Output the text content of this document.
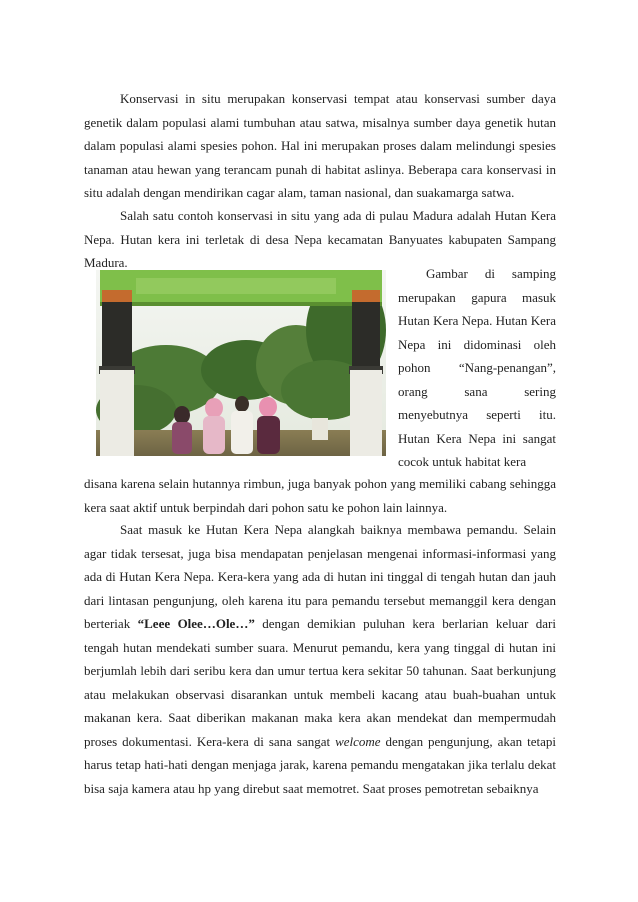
Konservasi in situ merupakan konservasi tempat atau konservasi sumber daya genetik dalam populasi alami tumbuhan atau satwa, misalnya sumber daya genetik hutan dalam populasi alami spesies pohon. Hal ini merupakan proses dalam melindungi spesies tanaman atau hewan yang terancam punah di habitat aslinya. Beberapa cara konservasi in situ adalah dengan mendirikan cagar alam, taman nasional, dan suakamarga satwa.

Salah satu contoh konservasi in situ yang ada di pulau Madura adalah Hutan Kera Nepa. Hutan kera ini terletak di desa Nepa kecamatan Banyuates kabupaten Sampang Madura.

Gambar di samping merupakan gapura masuk Hutan Kera Nepa. Hutan Kera Nepa ini didominasi oleh pohon “Nang-penangan”, orang sana sering menyebutnya seperti itu. Hutan Kera Nepa ini sangat cocok untuk habitat kera

disana karena selain hutannya rimbun, juga banyak pohon yang memiliki cabang sehingga kera saat aktif untuk berpindah dari pohon satu ke pohon lain lainnya.

Saat masuk ke Hutan Kera Nepa alangkah baiknya membawa pemandu. Selain agar tidak tersesat, juga bisa mendapatan penjelasan mengenai informasi-informasi yang ada di Hutan Kera Nepa. Kera-kera yang ada di hutan ini tinggal di tengah hutan dan jauh dari lintasan pengunjung, oleh karena itu para pemandu tersebut memanggil kera dengan berteriak “Leee Olee…Ole…” dengan demikian puluhan kera berlarian keluar dari tengah hutan mendekati sumber suara. Menurut pemandu, kera yang tinggal di hutan ini berjumlah lebih dari seribu kera dan umur tertua kera sekitar 50 tahunan. Saat berkunjung atau melakukan observasi disarankan untuk membeli kacang atau buah-buahan untuk makanan kera. Saat diberikan makanan maka kera akan mendekat dan mempermudah proses dokumentasi. Kera-kera di sana sangat welcome dengan pengunjung, akan tetapi harus tetap hati-hati dengan menjaga jarak, karena pemandu mengatakan jika terlalu dekat bisa saja kamera atau hp yang direbut saat memotret. Saat proses pemotretan sebaiknya
